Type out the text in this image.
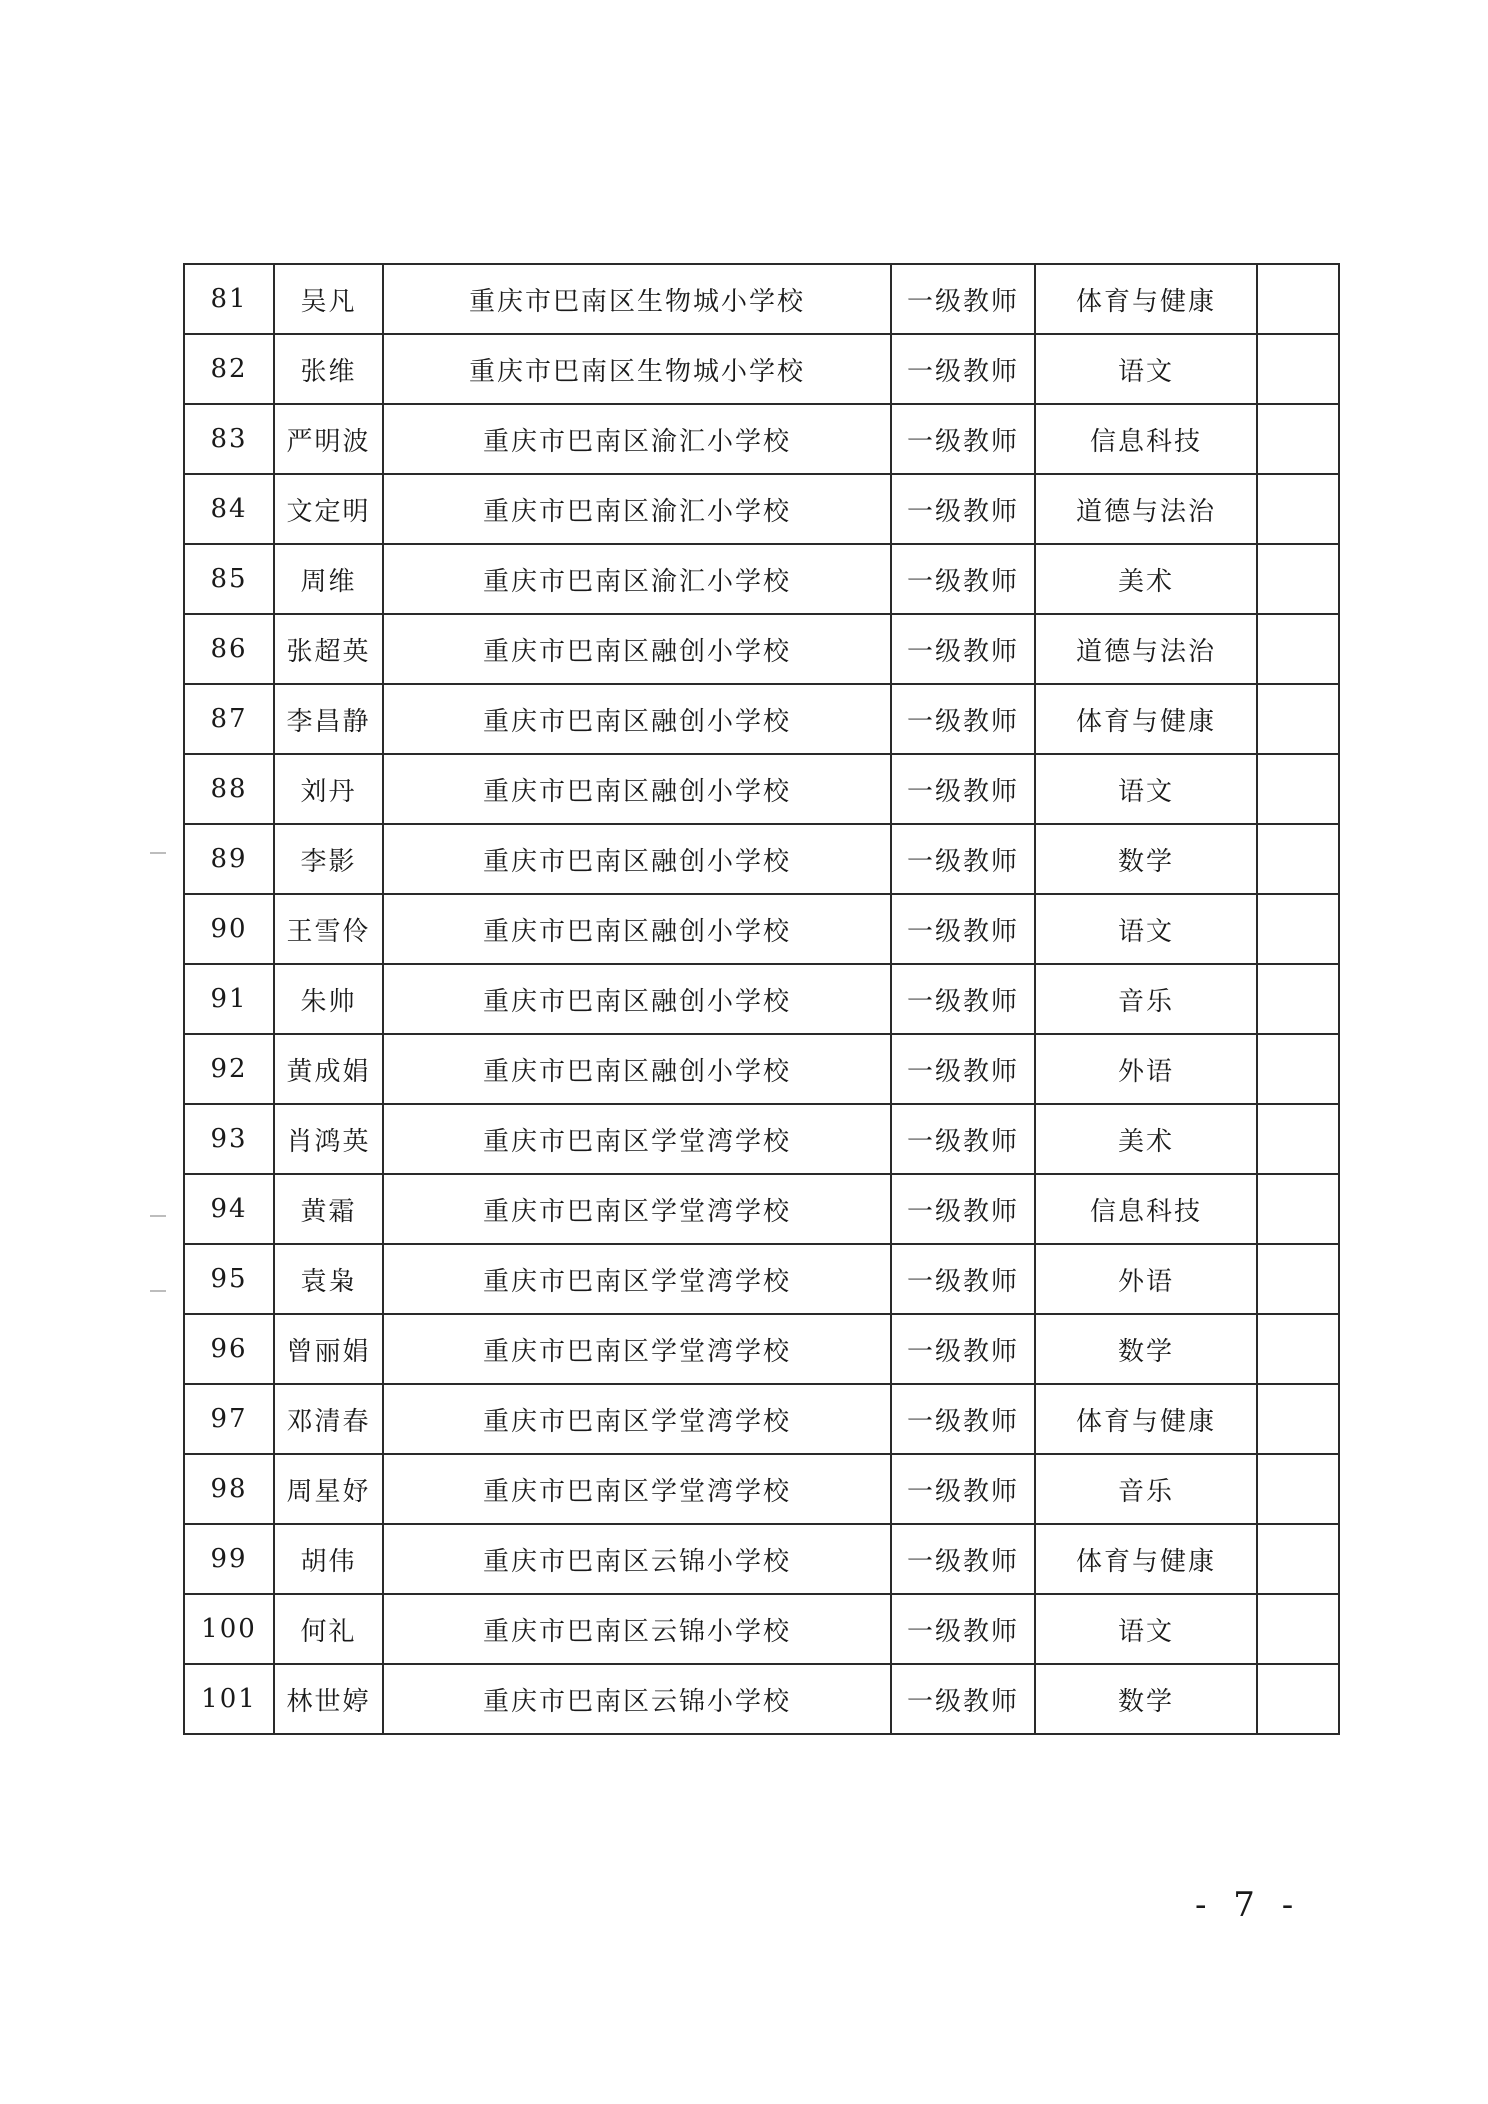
81	吴凡	重庆市巴南区生物城小学校	一级教师	体育与健康	
82	张维	重庆市巴南区生物城小学校	一级教师	语文	
83	严明波	重庆市巴南区渝汇小学校	一级教师	信息科技	
84	文定明	重庆市巴南区渝汇小学校	一级教师	道德与法治	
85	周维	重庆市巴南区渝汇小学校	一级教师	美术	
86	张超英	重庆市巴南区融创小学校	一级教师	道德与法治	
87	李昌静	重庆市巴南区融创小学校	一级教师	体育与健康	
88	刘丹	重庆市巴南区融创小学校	一级教师	语文	
89	李影	重庆市巴南区融创小学校	一级教师	数学	
90	王雪伶	重庆市巴南区融创小学校	一级教师	语文	
91	朱帅	重庆市巴南区融创小学校	一级教师	音乐	
92	黄成娟	重庆市巴南区融创小学校	一级教师	外语	
93	肖鸿英	重庆市巴南区学堂湾学校	一级教师	美术	
94	黄霜	重庆市巴南区学堂湾学校	一级教师	信息科技	
95	袁枭	重庆市巴南区学堂湾学校	一级教师	外语	
96	曾丽娟	重庆市巴南区学堂湾学校	一级教师	数学	
97	邓清春	重庆市巴南区学堂湾学校	一级教师	体育与健康	
98	周星妤	重庆市巴南区学堂湾学校	一级教师	音乐	
99	胡伟	重庆市巴南区云锦小学校	一级教师	体育与健康	
100	何礼	重庆市巴南区云锦小学校	一级教师	语文	
101	林世婷	重庆市巴南区云锦小学校	一级教师	数学	
- 7 -
